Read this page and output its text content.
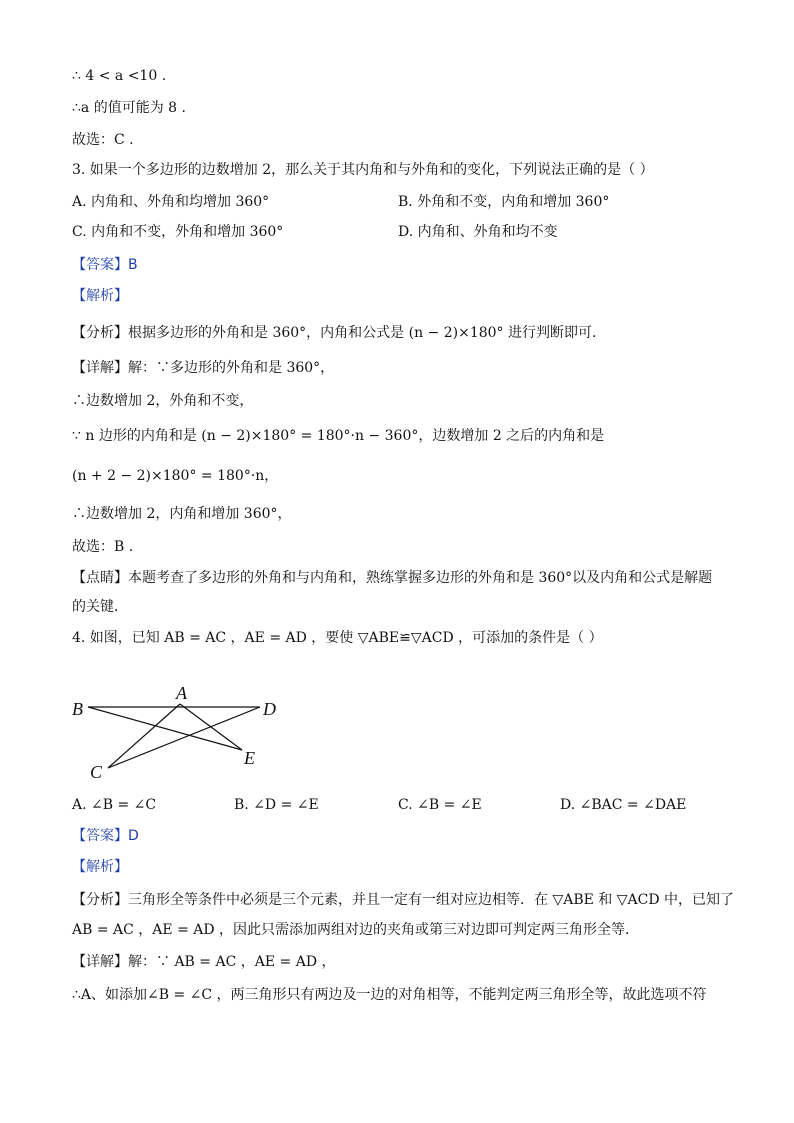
∴ 4 < a <10 .
∴a 的值可能为 8 .
故选：C .
3. 如果一个多边形的边数增加 2，那么关于其内角和与外角和的变化，下列说法正确的是（ ）
A. 内角和、外角和均增加 360°	B. 外角和不变，内角和增加 360°
C. 内角和不变，外角和增加 360°	D. 内角和、外角和均不变
【答案】B
【解析】
【分析】根据多边形的外角和是 360°，内角和公式是 (n − 2)×180° 进行判断即可．
【详解】解：∵多边形的外角和是 360°，
∴边数增加 2，外角和不变，
∵ n 边形的内角和是 (n − 2)×180° = 180°·n − 360°，边数增加 2 之后的内角和是
(n + 2 − 2)×180° = 180°·n，
∴边数增加 2，内角和增加 360°，
故选：B .
【点睛】本题考查了多边形的外角和与内角和，熟练掌握多边形的外角和是 360°以及内角和公式是解题
的关键．
4. 如图，已知 AB = AC ，AE = AD ，要使 ▽ABE≌▽ACD ，可添加的条件是（ ）
B
A
D
E
C
A. ∠B = ∠C	B. ∠D = ∠E	C. ∠B = ∠E	D. ∠BAC = ∠DAE
【答案】D
【解析】
【分析】三角形全等条件中必须是三个元素，并且一定有一组对应边相等．在 ▽ABE 和 ▽ACD 中，已知了
AB = AC ，AE = AD ，因此只需添加两组对边的夹角或第三对边即可判定两三角形全等．
【详解】解：∵ AB = AC ，AE = AD ，
∴A、如添加∠B = ∠C ，两三角形只有两边及一边的对角相等，不能判定两三角形全等，故此选项不符
